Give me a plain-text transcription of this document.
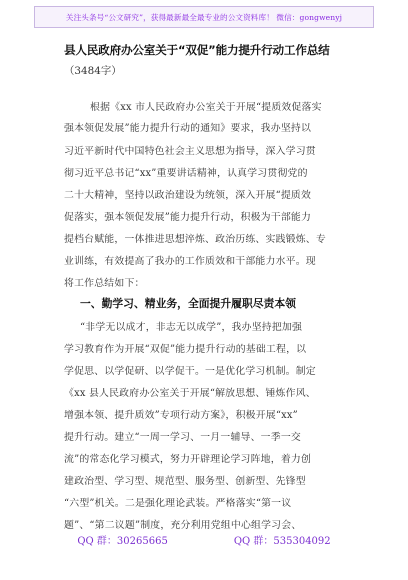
关注头条号“公文研究”，获得最新最全最专业的公文资料库！ 微信：gongwenyj
县人民政府办公室关于“双促”能力提升行动工作总结
（3484字）
根据《xx 市人民政府办公室关于开展“提质效促落实
强本领促发展”能力提升行动的通知》要求，我办坚持以
习近平新时代中国特色社会主义思想为指导，深入学习贯
彻习近平总书记“xx”重要讲话精神，认真学习贯彻党的
二十大精神，坚持以政治建设为统领，深入开展“提质效
促落实，强本领促发展”能力提升行动，积极为干部能力
提档台赋能，一体推进思想淬炼、政治历练、实践锻炼、专
业训练，有效提高了我办的工作质效和干部能力水平。现
将工作总结如下：
一、勤学习、精业务，全面提升履职尽责本领
“非学无以成才，非志无以成学”，我办坚持把加强
学习教育作为开展“双促”能力提升行动的基础工程，以
学促思、以学促研、以学促干。一是优化学习机制。制定
《xx 县人民政府办公室关于开展“解放思想、锤炼作风、
增强本领、提升质效”专项行动方案》，积极开展“xx”
提升行动。建立“一周一学习、一月一辅导、一季一交
流”的常态化学习模式，努力开辟理论学习阵地，着力创
建政治型、学习型、规范型、服务型、创新型、先锋型
“六型”机关。二是强化理论武装。严格落实“第一议
题”、“第二议题”制度，充分利用党组中心组学习会、
QQ 群：30265665	QQ 群：535304092
